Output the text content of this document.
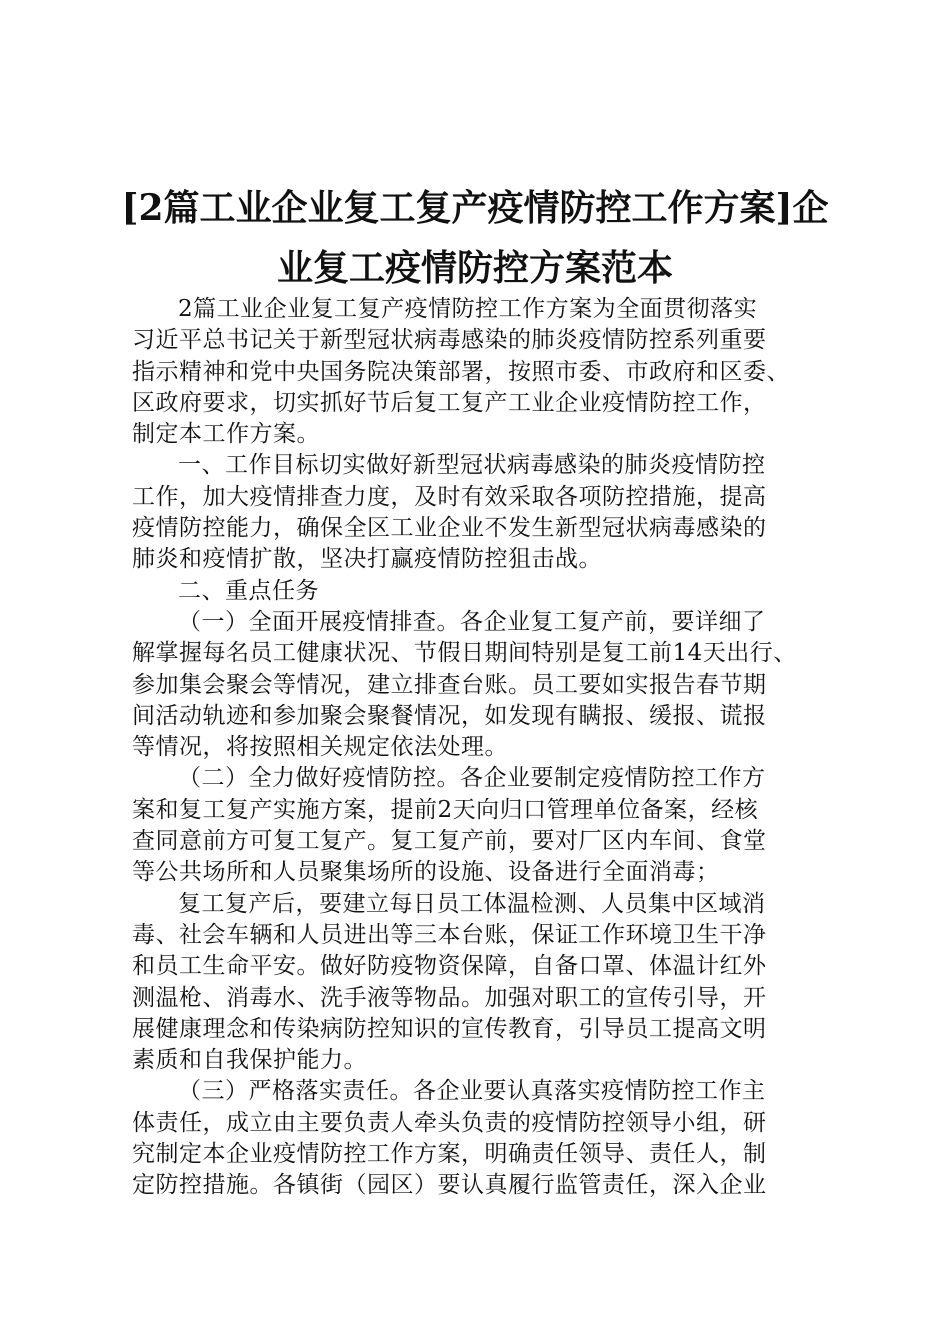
[2篇工业企业复工复产疫情防控工作方案]企
业复工疫情防控方案范本
2篇工业企业复工复产疫情防控工作方案为全面贯彻落实
习近平总书记关于新型冠状病毒感染的肺炎疫情防控系列重要
指示精神和党中央国务院决策部署，按照市委、市政府和区委、
区政府要求，切实抓好节后复工复产工业企业疫情防控工作，
制定本工作方案。
一、工作目标切实做好新型冠状病毒感染的肺炎疫情防控
工作，加大疫情排查力度，及时有效采取各项防控措施，提高
疫情防控能力，确保全区工业企业不发生新型冠状病毒感染的
肺炎和疫情扩散，坚决打赢疫情防控狙击战。
二、重点任务
（一）全面开展疫情排查。各企业复工复产前，要详细了
解掌握每名员工健康状况、节假日期间特别是复工前14天出行、
参加集会聚会等情况，建立排查台账。员工要如实报告春节期
间活动轨迹和参加聚会聚餐情况，如发现有瞒报、缓报、谎报
等情况，将按照相关规定依法处理。
（二）全力做好疫情防控。各企业要制定疫情防控工作方
案和复工复产实施方案，提前2天向归口管理单位备案，经核
查同意前方可复工复产。复工复产前，要对厂区内车间、食堂
等公共场所和人员聚集场所的设施、设备进行全面消毒；
复工复产后，要建立每日员工体温检测、人员集中区域消
毒、社会车辆和人员进出等三本台账，保证工作环境卫生干净
和员工生命平安。做好防疫物资保障，自备口罩、体温计红外
测温枪、消毒水、洗手液等物品。加强对职工的宣传引导，开
展健康理念和传染病防控知识的宣传教育，引导员工提高文明
素质和自我保护能力。
（三）严格落实责任。各企业要认真落实疫情防控工作主
体责任，成立由主要负责人牵头负责的疫情防控领导小组，研
究制定本企业疫情防控工作方案，明确责任领导、责任人，制
定防控措施。各镇街（园区）要认真履行监管责任，深入企业
